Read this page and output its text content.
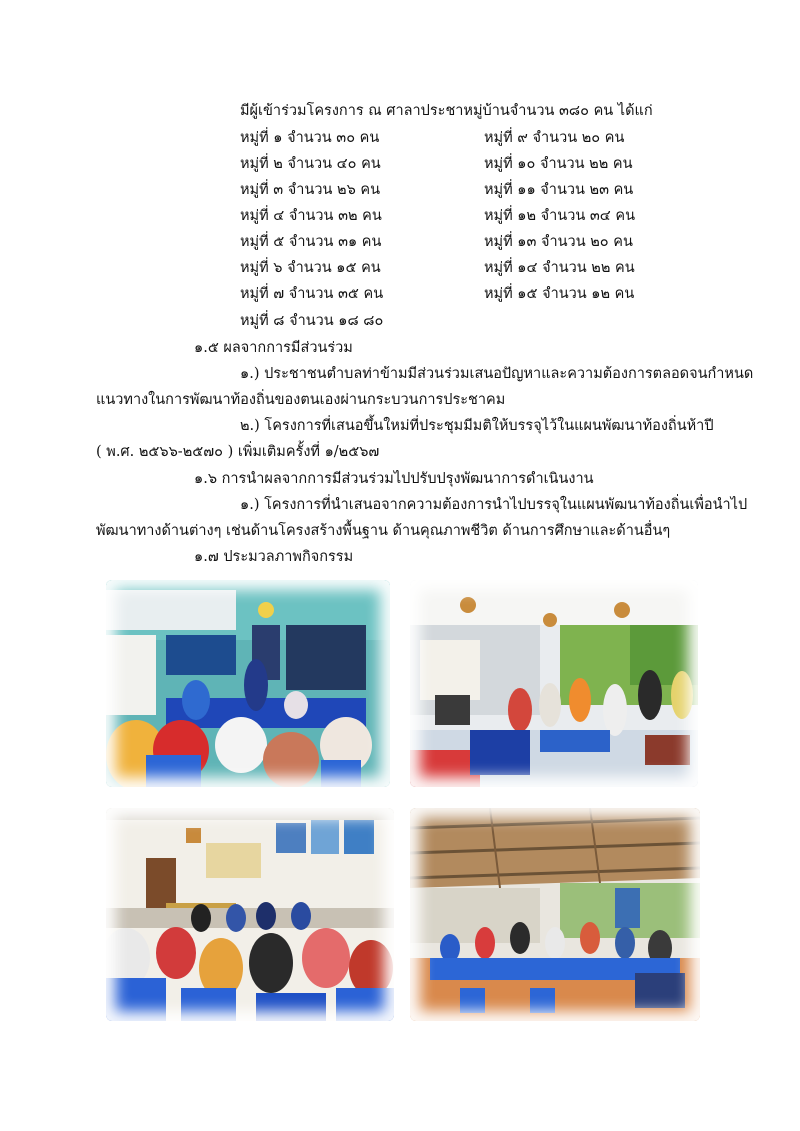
มีผู้เข้าร่วมโครงการ ณ ศาลาประชาหมู่บ้านจำนวน ๓๘๐ คน ได้แก่
หมู่ที่ ๑ จำนวน ๓๐ คน
หมู่ที่ ๒ จำนวน ๔๐ คน
หมู่ที่ ๓ จำนวน ๒๖ คน
หมู่ที่ ๔ จำนวน ๓๒ คน
หมู่ที่ ๕ จำนวน ๓๑ คน
หมู่ที่ ๖ จำนวน ๑๕ คน
หมู่ที่ ๗ จำนวน ๓๕ คน
หมู่ที่ ๘ จำนวน ๑๘ ๘๐
หมู่ที่ ๙ จำนวน ๒๐ คน
หมู่ที่ ๑๐ จำนวน ๒๒ คน
หมู่ที่ ๑๑ จำนวน ๒๓ คน
หมู่ที่ ๑๒ จำนวน ๓๔ คน
หมู่ที่ ๑๓ จำนวน ๒๐ คน
หมู่ที่ ๑๔ จำนวน ๒๒ คน
หมู่ที่ ๑๕ จำนวน ๑๒ คน
๑.๕ ผลจากการมีส่วนร่วม
๑.) ประชาชนตำบลท่าข้ามมีส่วนร่วมเสนอปัญหาและความต้องการตลอดจนกำหนด
แนวทางในการพัฒนาท้องถิ่นของตนเองผ่านกระบวนการประชาคม
๒.) โครงการที่เสนอขึ้นใหม่ที่ประชุมมีมติให้บรรจุไว้ในแผนพัฒนาท้องถิ่นห้าปี
( พ.ศ. ๒๕๖๖-๒๕๗๐ ) เพิ่มเติมครั้งที่ ๑/๒๕๖๗
๑.๖ การนำผลจากการมีส่วนร่วมไปปรับปรุงพัฒนาการดำเนินงาน
๑.) โครงการที่นำเสนอจากความต้องการนำไปบรรจุในแผนพัฒนาท้องถิ่นเพื่อนำไป
พัฒนาทางด้านต่างๆ เช่นด้านโครงสร้างพื้นฐาน ด้านคุณภาพชีวิต ด้านการศึกษาและด้านอื่นๆ
๑.๗ ประมวลภาพกิจกรรม
